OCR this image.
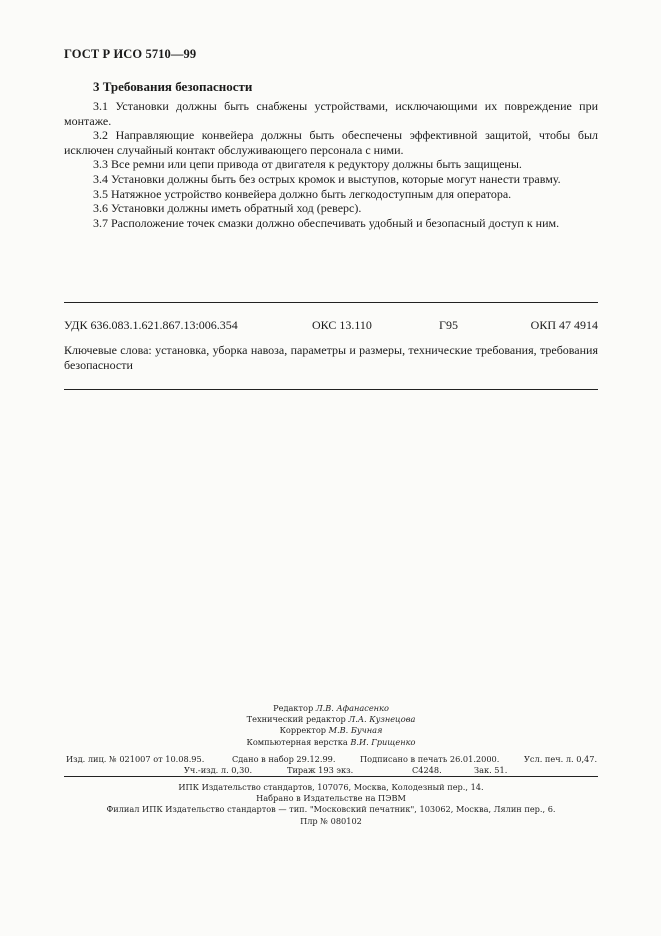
ГОСТ Р ИСО 5710—99
3 Требования безопасности

3.1 Установки должны быть снабжены устройствами, исключающими их повреждение при монтаже.

3.2 Направляющие конвейера должны быть обеспечены эффективной защитой, чтобы был исключен случайный контакт обслуживающего персонала с ними.

3.3 Все ремни или цепи привода от двигателя к редуктору должны быть защищены.

3.4 Установки должны быть без острых кромок и выступов, которые могут нанести травму.

3.5 Натяжное устройство конвейера должно быть легкодоступным для оператора.

3.6 Установки должны иметь обратный ход (реверс).

3.7 Расположение точек смазки должно обеспечивать удобный и безопасный доступ к ним.

УДК 636.083.1.621.867.13:006.354	ОКС 13.110	Г95	ОКП 47 4914
Ключевые слова: установка, уборка навоза, параметры и размеры, технические требования, требования безопасности
Редактор Л.В. Афанасенко
Технический редактор Л.А. Кузнецова
Корректор М.В. Бучная
Компьютерная верстка В.И. Грищенко
Изд. лиц. № 021007 от 10.08.95.	Сдано в набор 29.12.99.	Подписано в печать 26.01.2000.	Усл. печ. л. 0,47.
Уч.-изд. л. 0,30.	Тираж 193 экз.	С4248.	Зак. 51.
ИПК Издательство стандартов, 107076, Москва, Колодезный пер., 14.
Набрано в Издательстве на ПЭВМ
Филиал ИПК Издательство стандартов — тип. "Московский печатник", 103062, Москва, Лялин пер., 6.
Плр № 080102
